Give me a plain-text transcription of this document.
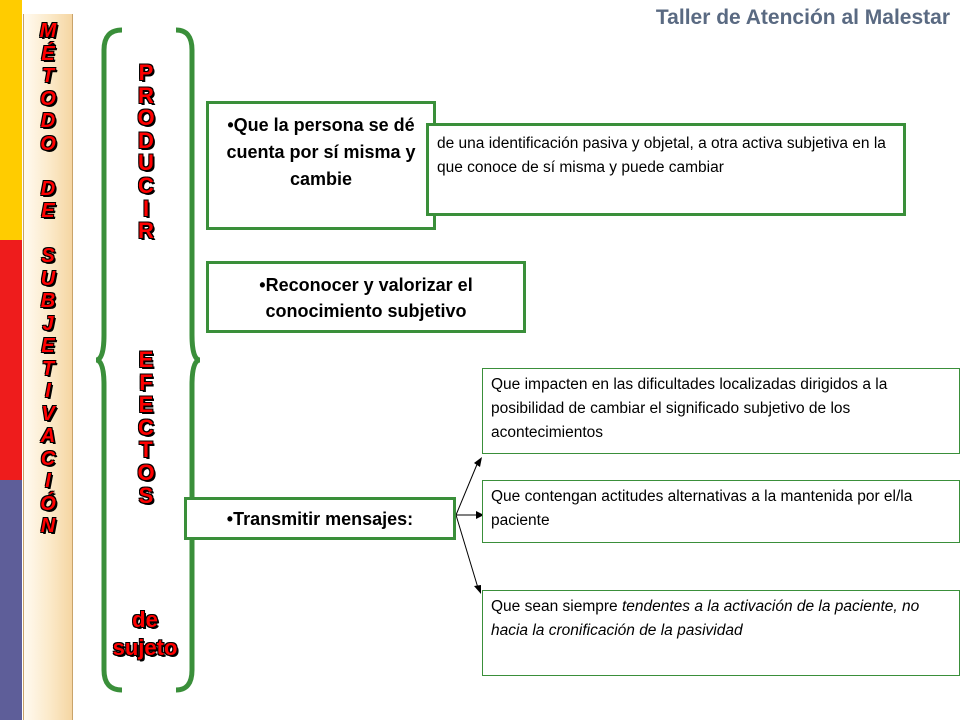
M
É
T
O
D
O

D
E

S
U
B
J
E
T
I
V
A
C
I
Ó
N
Taller de Atención al Malestar
P
R
O
D
U
C
I
R
E
F
E
C
T
O
S
de
sujeto
•Que la persona se dé cuenta por sí misma y cambie
de una identificación pasiva y objetal, a otra activa subjetiva en la que conoce de sí misma y puede cambiar
•Reconocer y valorizar el conocimiento subjetivo
•Transmitir mensajes:
Que impacten en las dificultades localizadas dirigidos a la posibilidad de cambiar el significado subjetivo de los acontecimientos
Que contengan actitudes alternativas a la mantenida por el/la paciente
Que sean siempre tendentes a la activación de la paciente, no hacia la cronificación de la pasividad
